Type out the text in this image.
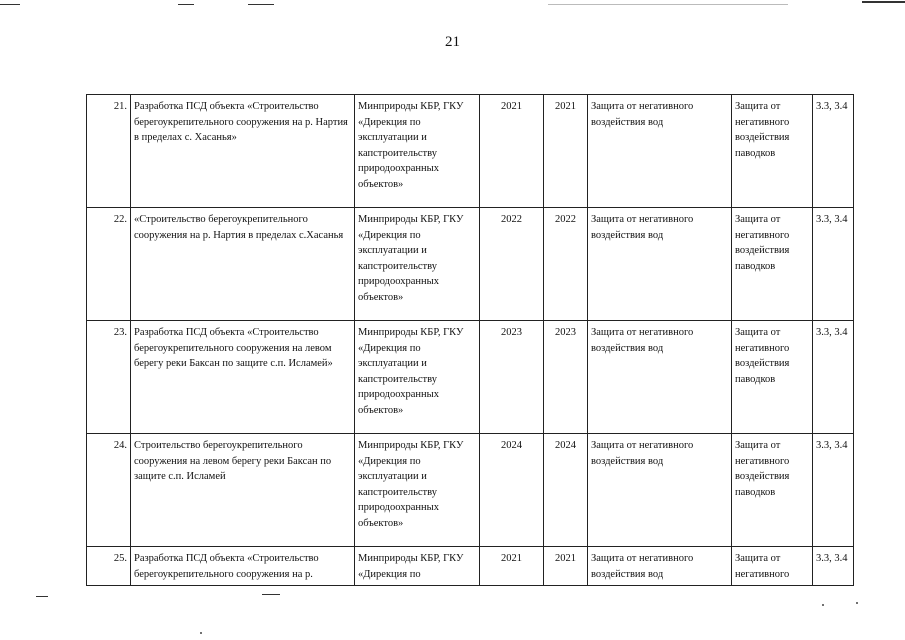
21
21.	Разработка ПСД объекта «Строительство берегоукрепительного сооружения на р. Нартия в пределах с. Хасанья»	Минприроды КБР, ГКУ «Дирекция по эксплуатации и капстроительству природоохранных объектов»	2021	2021	Защита от негативного воздействия вод	Защита от негативного воздействия паводков	3.3, 3.4

22.	«Строительство берегоукрепительного сооружения на р. Нартия в пределах с.Хасанья	Минприроды КБР, ГКУ «Дирекция по эксплуатации и капстроительству природоохранных объектов»	2022	2022	Защита от негативного воздействия вод	Защита от негативного воздействия паводков	3.3, 3.4

23.	Разработка ПСД объекта «Строительство берегоукрепительного сооружения на левом берегу реки Баксан по защите с.п. Исламей»	Минприроды КБР, ГКУ «Дирекция по эксплуатации и капстроительству природоохранных объектов»	2023	2023	Защита от негативного воздействия вод	Защита от негативного воздействия паводков	3.3, 3.4

24.	Строительство берегоукрепительного сооружения на левом берегу реки Баксан по защите с.п. Исламей	Минприроды КБР, ГКУ «Дирекция по эксплуатации и капстроительству природоохранных объектов»	2024	2024	Защита от негативного воздействия вод	Защита от негативного воздействия паводков	3.3, 3.4

25.	Разработка ПСД объекта «Строительство берегоукрепительного сооружения на р.	Минприроды КБР, ГКУ «Дирекция по	2021	2021	Защита от негативного воздействия вод	Защита от негативного	3.3, 3.4
